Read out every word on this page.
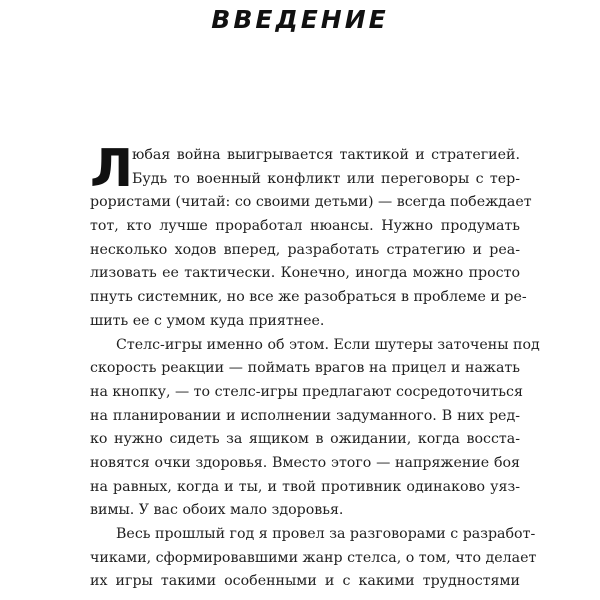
ВВЕДЕНИЕ
Л
юбая война выигрывается тактикой и стратегией.
Будь то военный конфликт или переговоры с тер-
рористами (читай: со своими детьми) — всегда побеждает
тот, кто лучше проработал нюансы. Нужно продумать
несколько ходов вперед, разработать стратегию и реа-
лизовать ее тактически. Конечно, иногда можно просто
пнуть системник, но все же разобраться в проблеме и ре-
шить ее с умом куда приятнее.
Стелс-игры именно об этом. Если шутеры заточены под
скорость реакции — поймать врагов на прицел и нажать
на кнопку, — то стелс-игры предлагают сосредоточиться
на планировании и исполнении задуманного. В них ред-
ко нужно сидеть за ящиком в ожидании, когда восста-
новятся очки здоровья. Вместо этого — напряжение боя
на равных, когда и ты, и твой противник одинаково уяз-
вимы. У вас обоих мало здоровья.
Весь прошлый год я провел за разговорами с разработ-
чиками, сформировавшими жанр стелса, о том, что делает
их игры такими особенными и с какими трудностями
